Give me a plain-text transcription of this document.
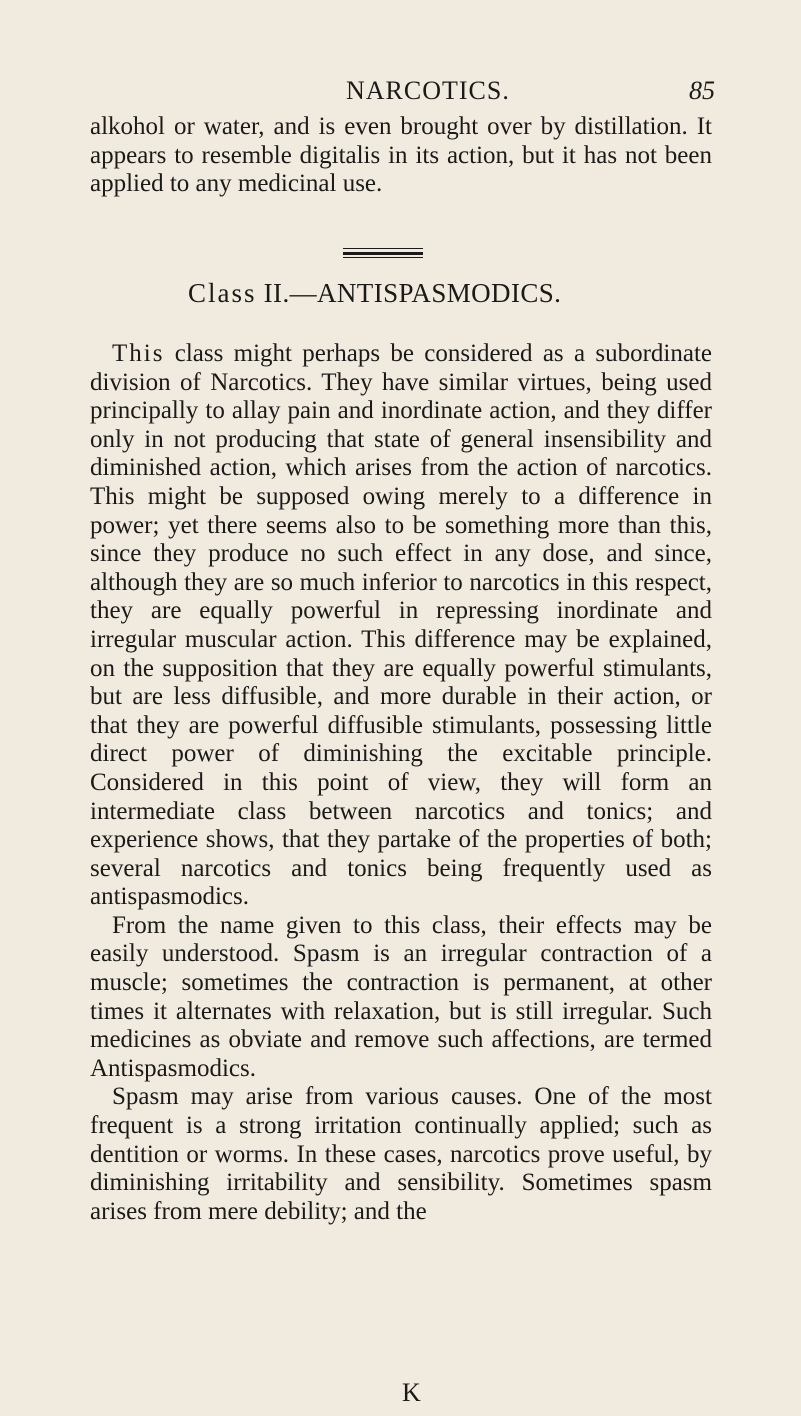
NARCOTICS.	85
alkohol or water, and is even brought over by distillation. It appears to resemble digitalis in its action, but it has not been applied to any medicinal use.
Class II.—ANTISPASMODICS.

This class might perhaps be considered as a subordinate division of Narcotics. They have similar virtues, being used principally to allay pain and inordinate action, and they differ only in not producing that state of general insensibility and diminished action, which arises from the action of narcotics. This might be supposed owing merely to a difference in power; yet there seems also to be something more than this, since they produce no such effect in any dose, and since, although they are so much inferior to narcotics in this respect, they are equally powerful in repressing inordinate and irregular muscular action. This difference may be explained, on the supposition that they are equally powerful stimulants, but are less diffusible, and more durable in their action, or that they are powerful diffusible stimulants, possessing little direct power of diminishing the excitable principle. Considered in this point of view, they will form an intermediate class between narcotics and tonics; and experience shows, that they partake of the properties of both; several narcotics and tonics being frequently used as antispasmodics.

From the name given to this class, their effects may be easily understood. Spasm is an irregular contraction of a muscle; sometimes the contraction is permanent, at other times it alternates with relaxation, but is still irregular. Such medicines as obviate and remove such affections, are termed Antispasmodics.

Spasm may arise from various causes. One of the most frequent is a strong irritation continually applied; such as dentition or worms. In these cases, narcotics prove useful, by diminishing irritability and sensibility. Sometimes spasm arises from mere debility; and the

K
